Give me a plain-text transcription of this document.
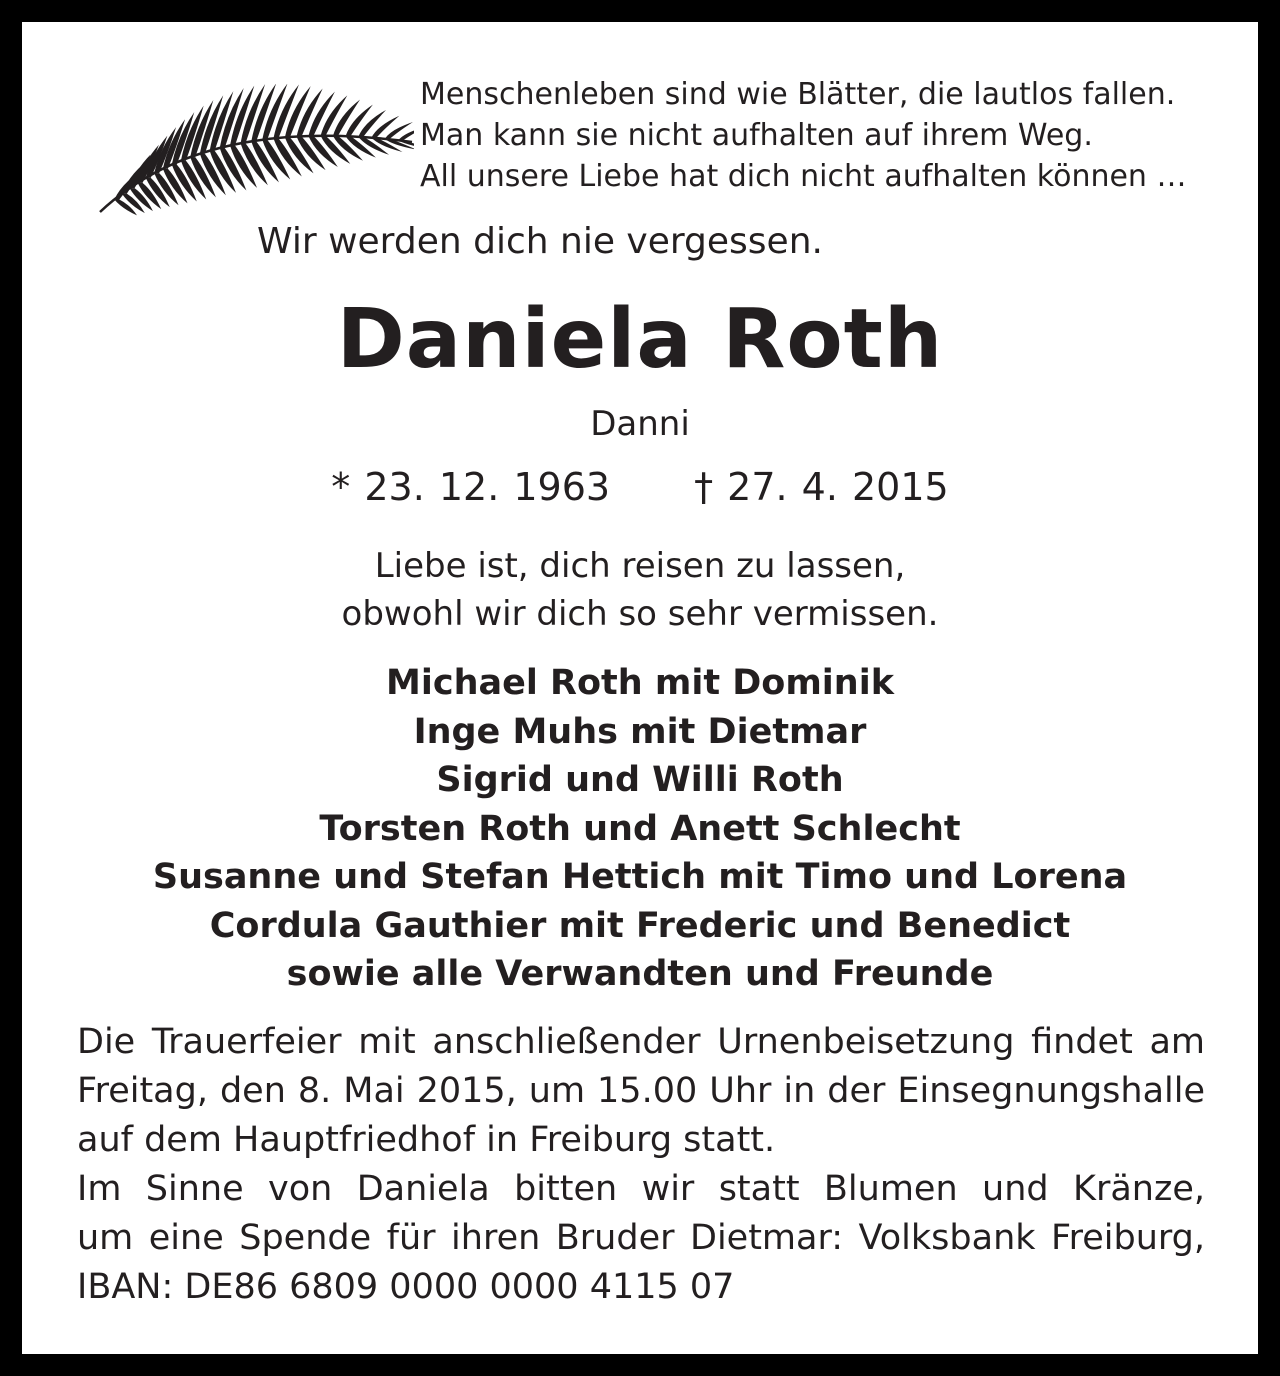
Menschenleben sind wie Blätter, die lautlos fallen.
Man kann sie nicht aufhalten auf ihrem Weg.
All unsere Liebe hat dich nicht aufhalten können …
Wir werden dich nie vergessen.
Daniela Roth
Danni
* 23. 12. 1963 † 27. 4. 2015
Liebe ist, dich reisen zu lassen,
obwohl wir dich so sehr vermissen.
Michael Roth mit Dominik
Inge Muhs mit Dietmar
Sigrid und Willi Roth
Torsten Roth und Anett Schlecht
Susanne und Stefan Hettich mit Timo und Lorena
Cordula Gauthier mit Frederic und Benedict
sowie alle Verwandten und Freunde
Die Trauerfeier mit anschließender Urnenbeisetzung findet am
Freitag, den 8. Mai 2015, um 15.00 Uhr in der Einsegnungshalle
auf dem Hauptfriedhof in Freiburg statt.
Im Sinne von Daniela bitten wir statt Blumen und Kränze,
um eine Spende für ihren Bruder Dietmar: Volksbank Freiburg,
IBAN: DE86 6809 0000 0000 4115 07
